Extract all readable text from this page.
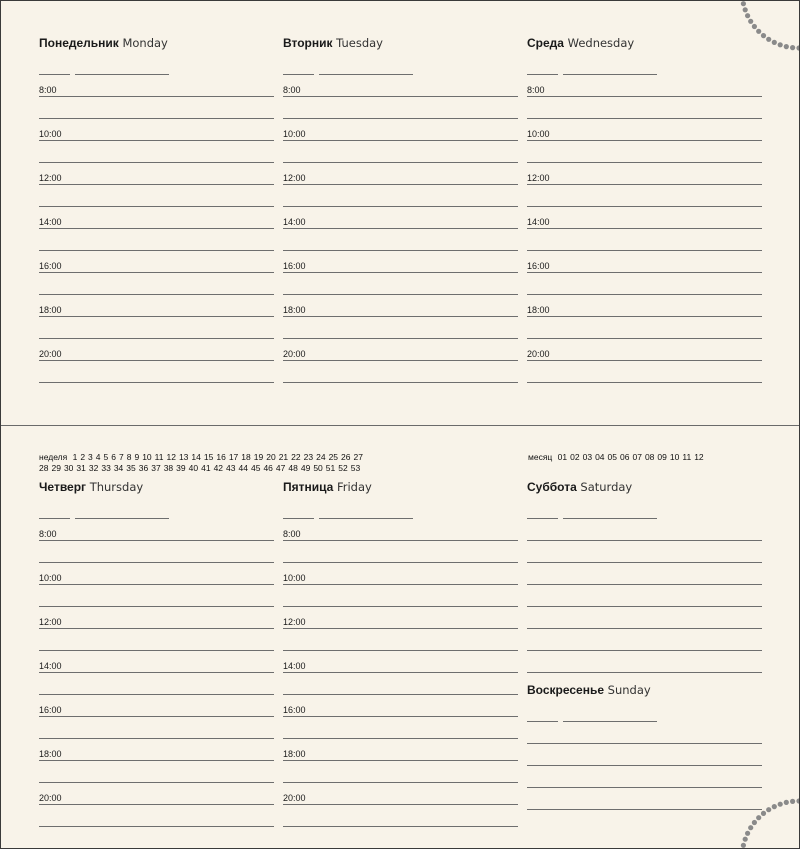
неделя 1 2 3 4 5 6 7 8 9 10 11 12 13 14 15 16 17 18 19 20 21 22 23 24 25 26 27
28 29 30 31 32 33 34 35 36 37 38 39 40 41 42 43 44 45 46 47 48 49 50 51 52 53
месяц 01 02 03 04 05 06 07 08 09 10 11 12
Понедельник Monday
8:00
10:00
12:00
14:00
16:00
18:00
20:00
Вторник Tuesday
8:00
10:00
12:00
14:00
16:00
18:00
20:00
Среда Wednesday
8:00
10:00
12:00
14:00
16:00
18:00
20:00
Четверг Thursday
8:00
10:00
12:00
14:00
16:00
18:00
20:00
Пятница Friday
8:00
10:00
12:00
14:00
16:00
18:00
20:00
Суббота Saturday
Воскресенье Sunday
